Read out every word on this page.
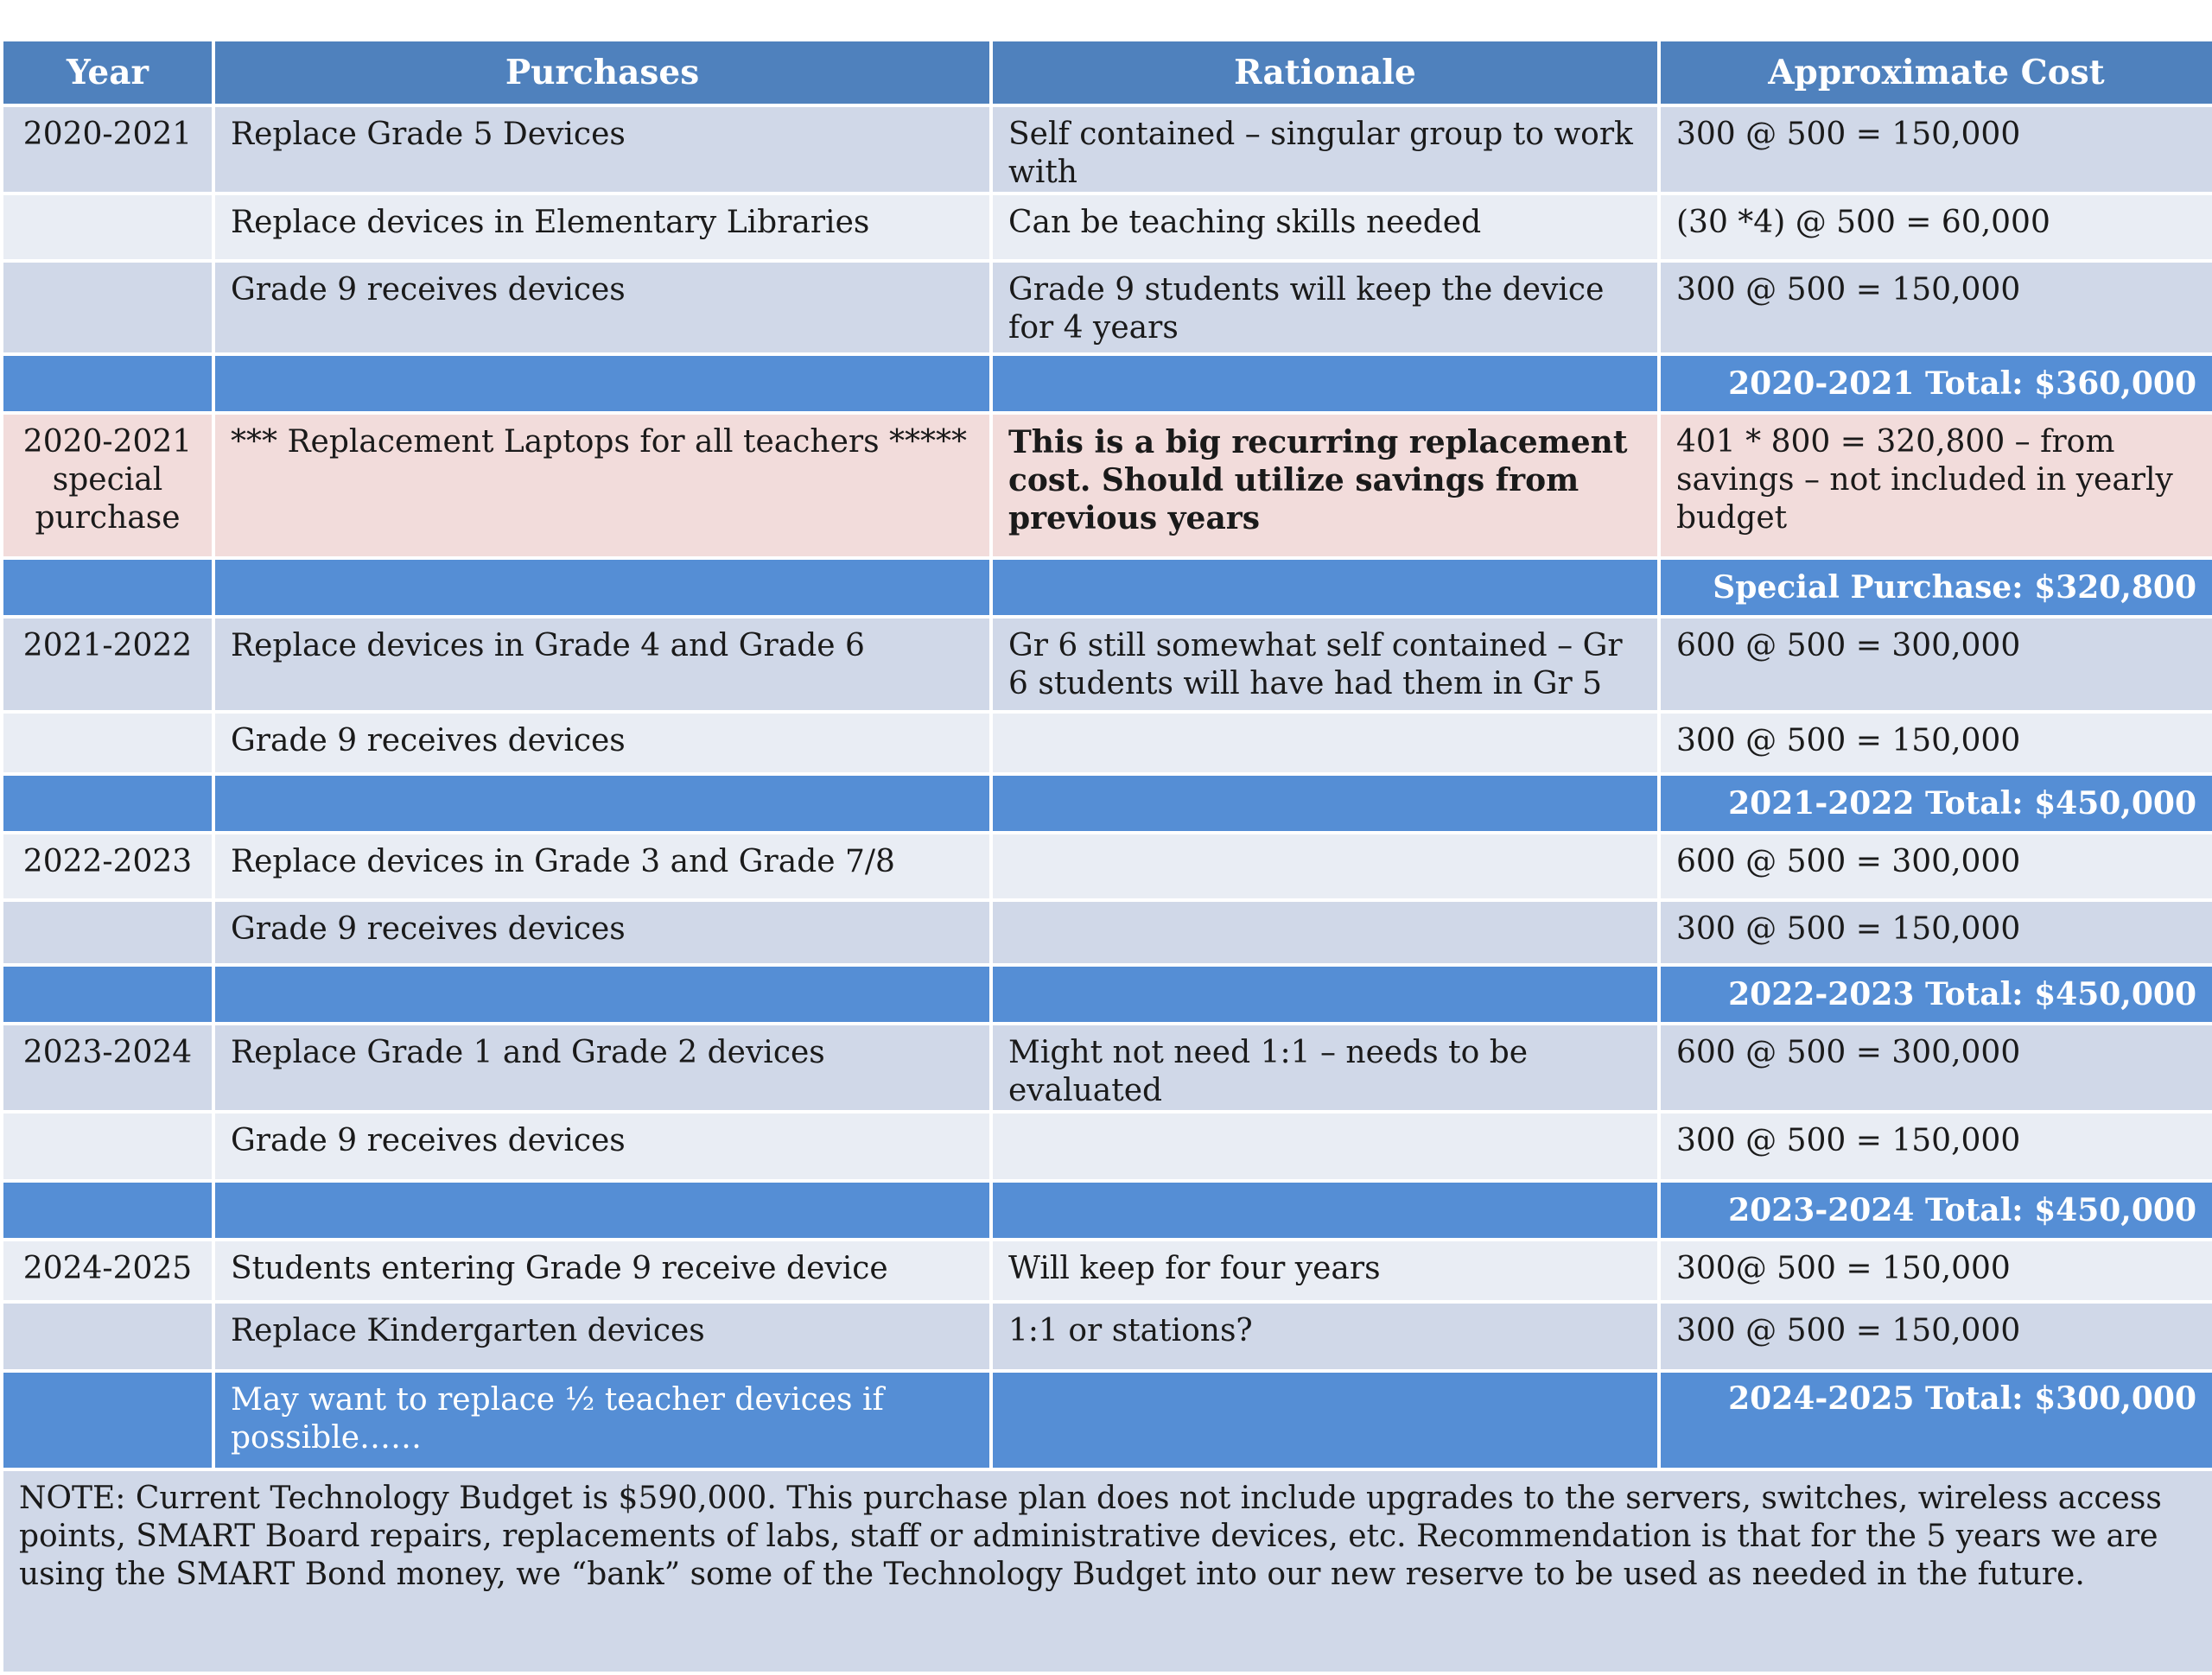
Year	Purchases	Rationale	Approximate Cost
2020-2021	Replace Grade 5 Devices	Self contained – singular group to work with	300 @ 500 = 150,000
	Replace devices in Elementary Libraries	Can be teaching skills needed	(30 *4) @ 500 = 60,000
	Grade 9 receives devices	Grade 9 students will keep the device for 4 years	300 @ 500 = 150,000
			2020-2021 Total: $360,000
2020-2021 special purchase	*** Replacement Laptops for all teachers *****	This is a big recurring replacement cost. Should utilize savings from previous years	401 * 800 = 320,800 – from savings – not included in yearly budget
			Special Purchase: $320,800
2021-2022	Replace devices in Grade 4 and Grade 6	Gr 6 still somewhat self contained – Gr 6 students will have had them in Gr 5	600 @ 500 = 300,000
	Grade 9 receives devices		300 @ 500 = 150,000
			2021-2022 Total: $450,000
2022-2023	Replace devices in Grade 3 and Grade 7/8		600 @ 500 = 300,000
	Grade 9 receives devices		300 @ 500 = 150,000
			2022-2023 Total: $450,000
2023-2024	Replace Grade 1 and Grade 2 devices	Might not need 1:1 – needs to be evaluated	600 @ 500 = 300,000
	Grade 9 receives devices		300 @ 500 = 150,000
			2023-2024 Total: $450,000
2024-2025	Students entering Grade 9 receive device	Will keep for four years	300@ 500 = 150,000
	Replace Kindergarten devices	1:1 or stations?	300 @ 500 = 150,000
	May want to replace ½ teacher devices if possible……		2024-2025 Total: $300,000
NOTE: Current Technology Budget is $590,000. This purchase plan does not include upgrades to the servers, switches, wireless access points, SMART Board repairs, replacements of labs, staff or administrative devices, etc. Recommendation is that for the 5 years we are using the SMART Bond money, we “bank” some of the Technology Budget into our new reserve to be used as needed in the future.			
